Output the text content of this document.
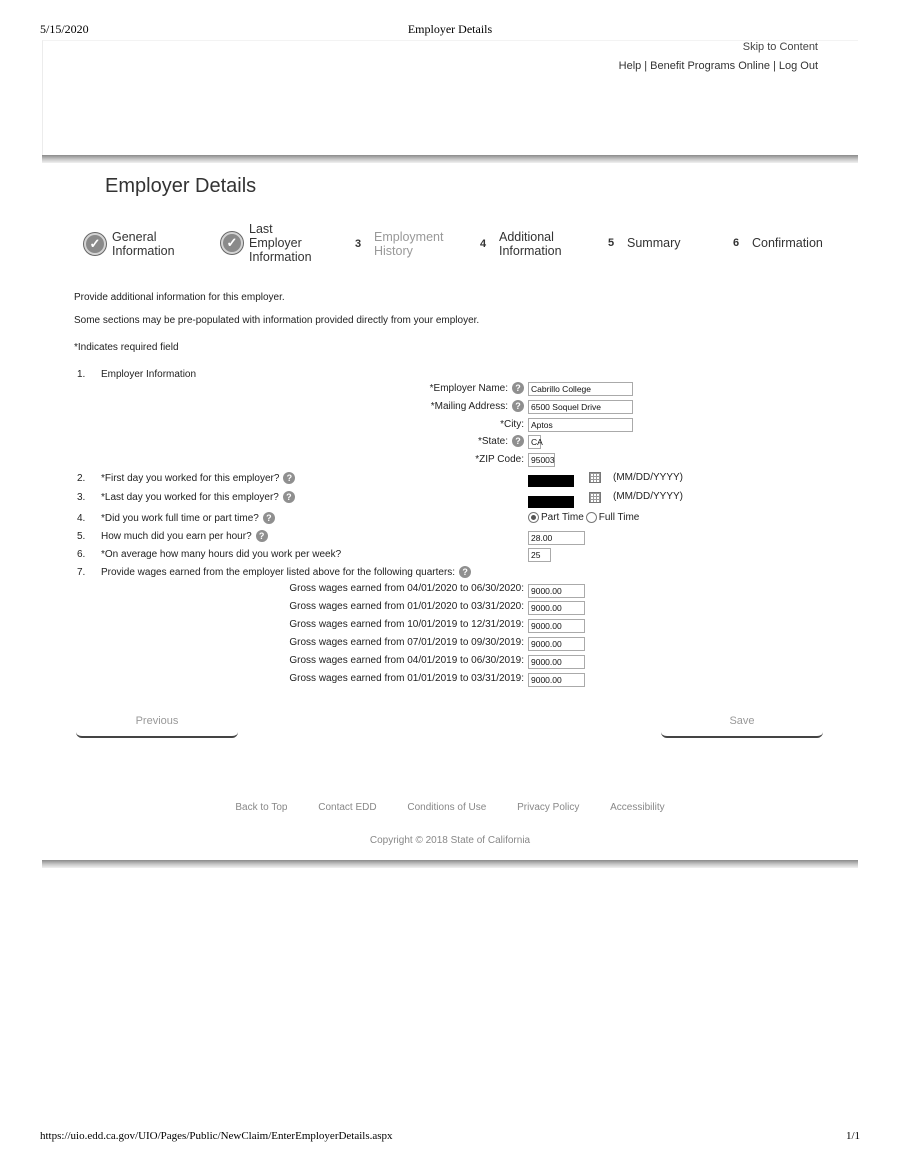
5/15/2020	Employer Details
Skip to Content
Help | Benefit Programs Online | Log Out
Employer Details
✓ General
Information
✓
Last
Employer
Information
3	Employment
History	4	Additional
Information
5	Summary	6	Confirmation

Provide additional information for this employer.

Some sections may be pre-populated with information provided directly from your employer.

*Indicates required field

1.	Employer Information
*Employer Name: ?	Cabrillo College
*Mailing Address: ?	6500 Soquel Drive
*City: Aptos
*State: ?	CA
*ZIP Code: 95003
2.	*First day you worked for this employer? ?	(MM/DD/YYYY)
3.	*Last day you worked for this employer? ?	(MM/DD/YYYY)
4.	*Did you work full time or part time? ?	Part Time Full Time
5.	How much did you earn per hour? ?	28.00
6.	*On average how many hours did you work per week?	25
7.	Provide wages earned from the employer listed above for the following quarters: ?
Gross wages earned from 04/01/2020 to 06/30/2020: 9000.00
Gross wages earned from 01/01/2020 to 03/31/2020: 9000.00
Gross wages earned from 10/01/2019 to 12/31/2019: 9000.00
Gross wages earned from 07/01/2019 to 09/30/2019: 9000.00
Gross wages earned from 04/01/2019 to 06/30/2019: 9000.00
Gross wages earned from 01/01/2019 to 03/31/2019: 9000.00
Previous	Save
Back to Top	Contact EDD	Conditions of Use	Privacy Policy	Accessibility
Copyright © 2018 State of California
https://uio.edd.ca.gov/UIO/Pages/Public/NewClaim/EnterEmployerDetails.aspx	1/1
